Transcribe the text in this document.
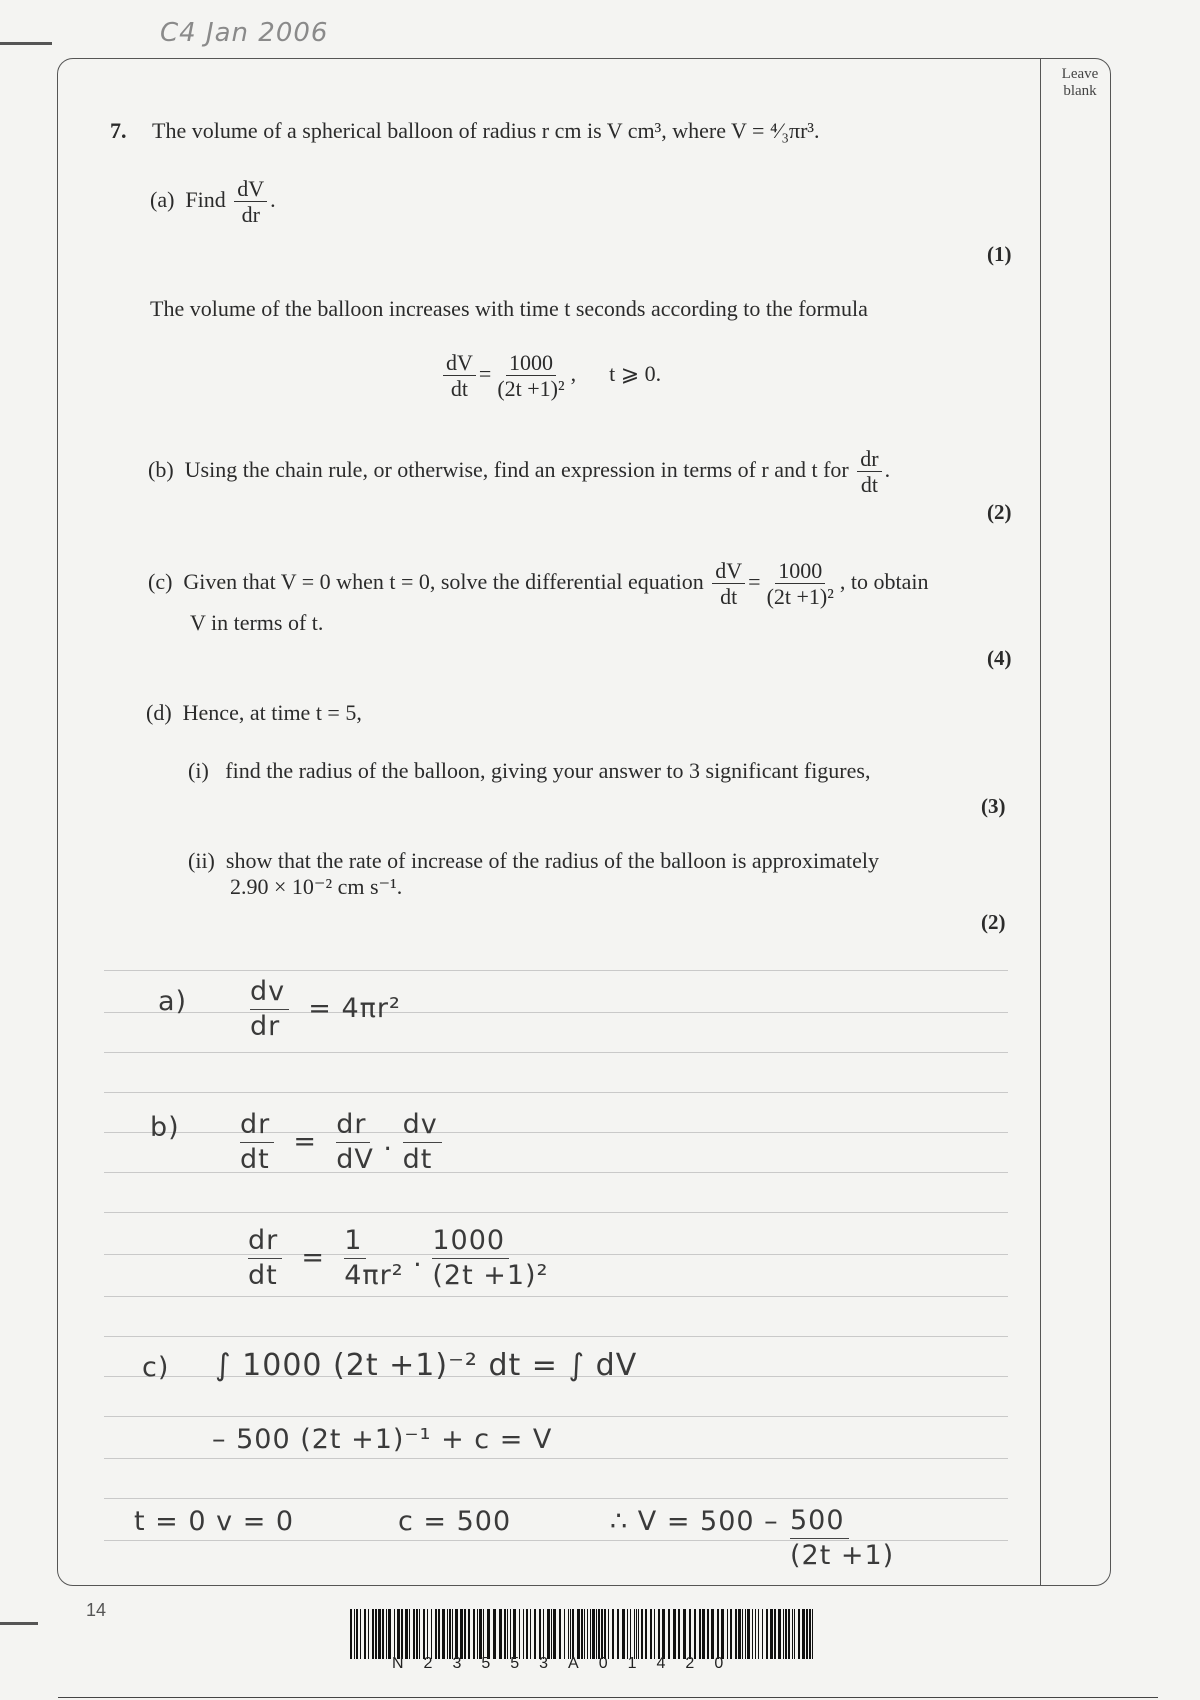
C4 Jan 2006
Leave blank
7. The volume of a spherical balloon of radius r cm is V cm³, where V = ⁴⁄₃πr³.
(a) Find $\frac{dV}{dr}$ .
(1)
The volume of the balloon increases with time t seconds according to the formula
$\frac{dV}{dt} = \frac{1000}{\text{(2t +1)²}}$ , t ⩾ 0.
(b) Using the chain rule, or otherwise, find an expression in terms of r and t for $\frac{dr}{dt}$ .
(2)
(c) Given that V = 0 when t = 0, solve the differential equation $\frac{dV}{dt} = \frac{1000}{\text{(2t +1)²}}$ , to obtain
V in terms of t.
(4)
(d) Hence, at time t = 5,
(i) find the radius of the balloon, giving your answer to 3 significant figures,
(3)
(ii) show that the rate of increase of the radius of the balloon is approximately
2.90 × 10⁻² cm s⁻¹.
(2)
$a) \frac{dv}{dr} = 4\pi r^2$
$b) \frac{dr}{dt} = \frac{dr}{dV}$ . $\frac{dv}{dt}$
$\frac{dr}{dt} = \frac{1}{\text{4πr²}}$ . $\frac{1000}{\text{(2t +1)²}}$
c) ∫ 1000 (2t +1)⁻² dt = ∫ dV
– 500 (2t +1)⁻¹ + c = V
t = 0 v = 0	c = 500	∴ $V = 500 - \frac{500}{(2t +1)}$
14
N23553A01420
